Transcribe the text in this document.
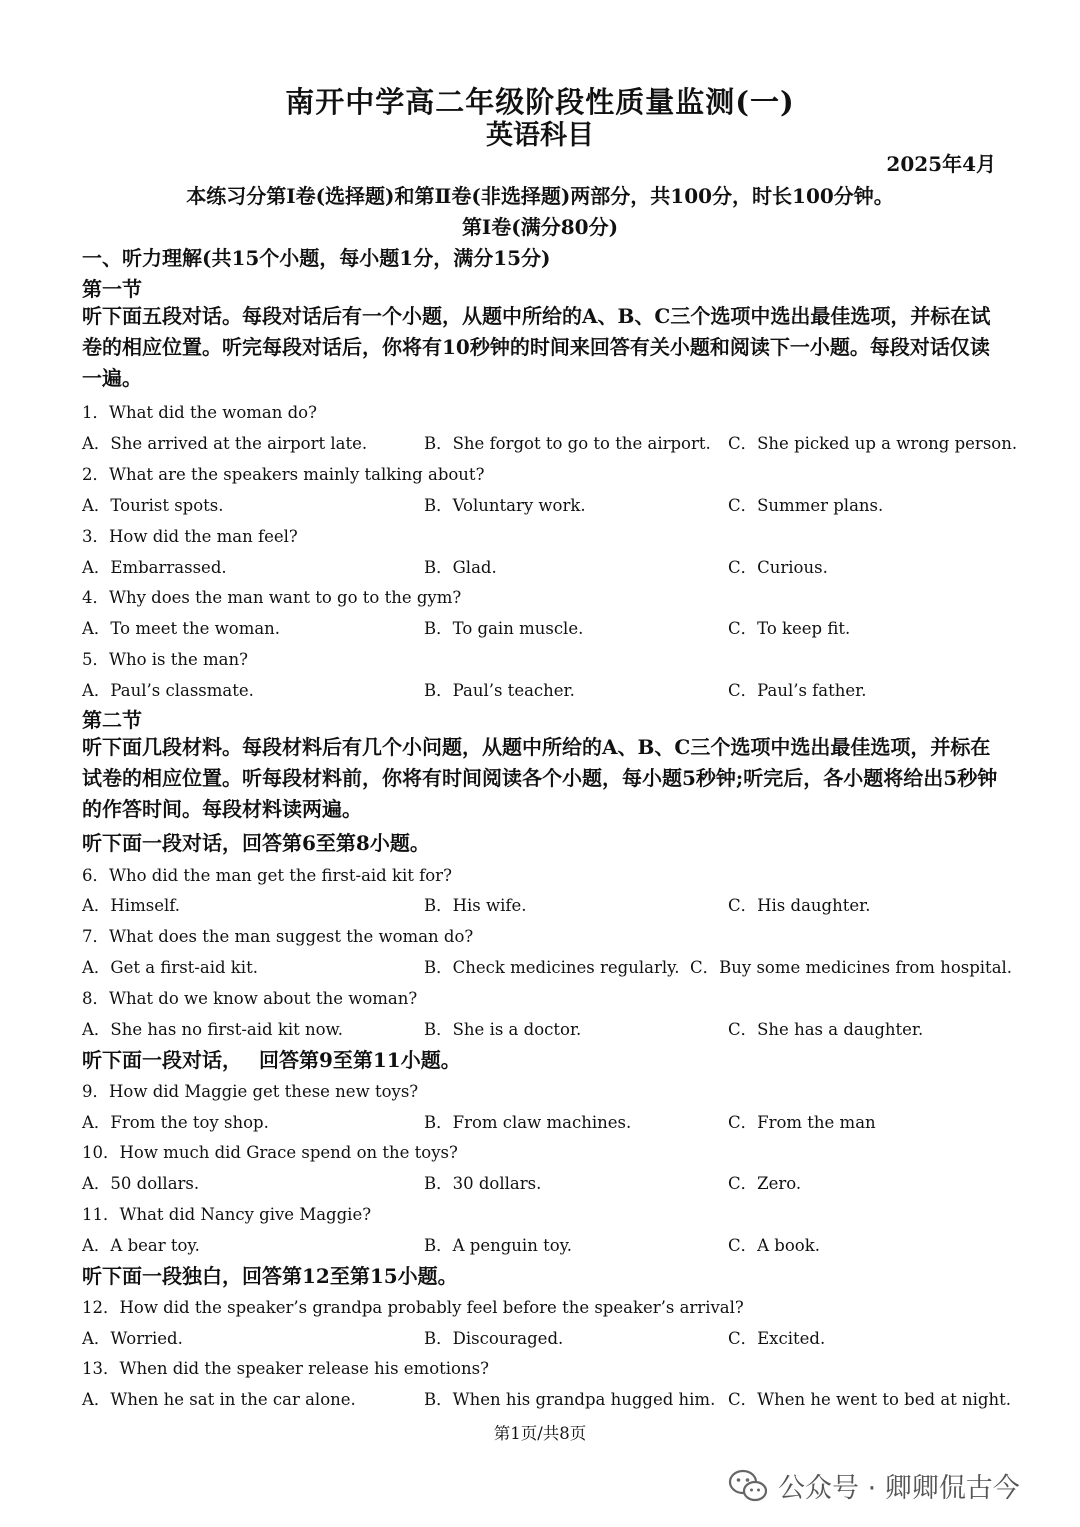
南开中学高二年级阶段性质量监测(一)
英语科目
2025年4月
本练习分第Ⅰ卷(选择题)和第Ⅱ卷(非选择题)两部分，共100分，时长100分钟。
第Ⅰ卷(满分80分)
一、听力理解(共15个小题，每小题1分，满分15分)
第一节
听下面五段对话。每段对话后有一个小题，从题中所给的A、B、C三个选项中选出最佳选项，并标在试卷的相应位置。听完每段对话后，你将有10秒钟的时间来回答有关小题和阅读下一小题。每段对话仅读一遍。
1．What did the woman do?
A．She arrived at the airport late.	B．She forgot to go to the airport. C．She picked up a wrong person.
2．What are the speakers mainly talking about?
A．Tourist spots.	B．Voluntary work.	C．Summer plans.
3．How did the man feel?
A．Embarrassed.	B．Glad.	C．Curious.
4．Why does the man want to go to the gym?
A．To meet the woman.	B．To gain muscle.	C．To keep fit.
5．Who is the man?
A．Paul’s classmate.	B．Paul’s teacher.	C．Paul’s father.
第二节
听下面几段材料。每段材料后有几个小问题，从题中所给的A、B、C三个选项中选出最佳选项，并标在试卷的相应位置。听每段材料前，你将有时间阅读各个小题，每小题5秒钟;听完后，各小题将给出5秒钟的作答时间。每段材料读两遍。
听下面一段对话，回答第6至第8小题。
6．Who did the man get the first-aid kit for?
A．Himself.	B．His wife.	C．His daughter.
7．What does the man suggest the woman do?
A．Get a first-aid kit.	B．Check medicines regularly. C．Buy some medicines from hospital.
8．What do we know about the woman?
A．She has no first-aid kit now.	B．She is a doctor.	C．She has a daughter.
听下面一段对话，　 回答第9至第11小题。
9．How did Maggie get these new toys?
A．From the toy shop.	B．From claw machines.	C．From the man
10．How much did Grace spend on the toys?
A．50 dollars.	B．30 dollars.	C．Zero.
11．What did Nancy give Maggie?
A．A bear toy.	B．A penguin toy.	C．A book.
听下面一段独白，回答第12至第15小题。
12．How did the speaker’s grandpa probably feel before the speaker’s arrival?
A．Worried.	B．Discouraged.	C．Excited.
13．When did the speaker release his emotions?
A．When he sat in the car alone.	B．When his grandpa hugged him. C．When he went to bed at night.
第1页/共8页
公众号 · 卿卿侃古今
